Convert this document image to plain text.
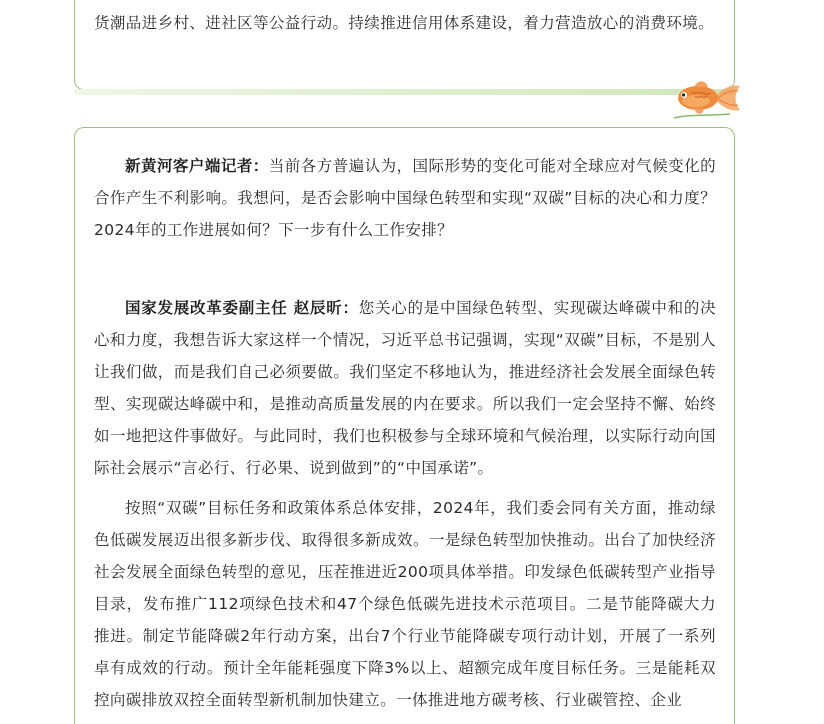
货潮品进乡村、进社区等公益行动。持续推进信用体系建设，着力营造放心的消费环境。

新黄河客户端记者：当前各方普遍认为，国际形势的变化可能对全球应对气候变化的合作产生不利影响。我想问，是否会影响中国绿色转型和实现“双碳”目标的决心和力度？2024年的工作进展如何？下一步有什么工作安排？

国家发展改革委副主任 赵辰昕：您关心的是中国绿色转型、实现碳达峰碳中和的决心和力度，我想告诉大家这样一个情况，习近平总书记强调，实现“双碳”目标，不是别人让我们做，而是我们自己必须要做。我们坚定不移地认为，推进经济社会发展全面绿色转型、实现碳达峰碳中和，是推动高质量发展的内在要求。所以我们一定会坚持不懈、始终如一地把这件事做好。与此同时，我们也积极参与全球环境和气候治理，以实际行动向国际社会展示“言必行、行必果、说到做到”的“中国承诺”。

按照“双碳”目标任务和政策体系总体安排，2024年，我们委会同有关方面，推动绿色低碳发展迈出很多新步伐、取得很多新成效。一是绿色转型加快推动。出台了加快经济社会发展全面绿色转型的意见，压茬推进近200项具体举措。印发绿色低碳转型产业指导目录，发布推广112项绿色技术和47个绿色低碳先进技术示范项目。二是节能降碳大力推进。制定节能降碳2年行动方案，出台7个行业节能降碳专项行动计划，开展了一系列卓有成效的行动。预计全年能耗强度下降3%以上、超额完成年度目标任务。三是能耗双控向碳排放双控全面转型新机制加快建立。一体推进地方碳考核、行业碳管控、企业
